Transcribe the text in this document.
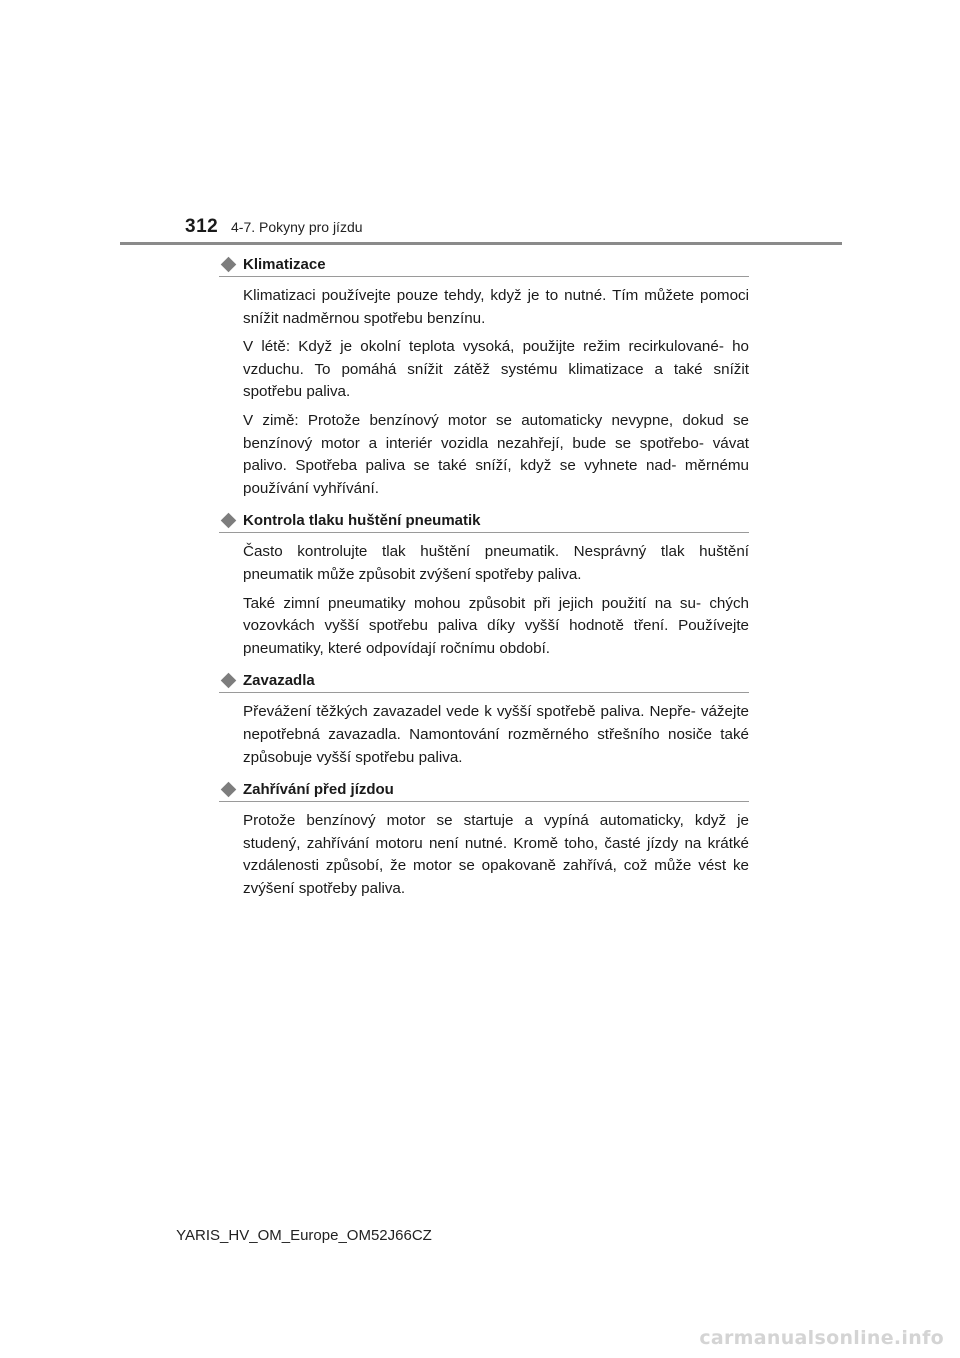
312 4-7. Pokyny pro jízdu
Klimatizace

Klimatizaci používejte pouze tehdy, když je to nutné. Tím můžete pomoci snížit nadměrnou spotřebu benzínu.

V létě: Když je okolní teplota vysoká, použijte režim recirkulované- ho vzduchu. To pomáhá snížit zátěž systému klimatizace a také snížit spotřebu paliva.

V zimě: Protože benzínový motor se automaticky nevypne, dokud se benzínový motor a interiér vozidla nezahřejí, bude se spotřebo- vávat palivo. Spotřeba paliva se také sníží, když se vyhnete nad- měrnému používání vyhřívání.

Kontrola tlaku huštění pneumatik

Často kontrolujte tlak huštění pneumatik. Nesprávný tlak huštění pneumatik může způsobit zvýšení spotřeby paliva.

Také zimní pneumatiky mohou způsobit při jejich použití na su- chých vozovkách vyšší spotřebu paliva díky vyšší hodnotě tření. Používejte pneumatiky, které odpovídají ročnímu období.

Zavazadla

Převážení těžkých zavazadel vede k vyšší spotřebě paliva. Nepře- vážejte nepotřebná zavazadla. Namontování rozměrného střešního nosiče také způsobuje vyšší spotřebu paliva.

Zahřívání před jízdou

Protože benzínový motor se startuje a vypíná automaticky, když je studený, zahřívání motoru není nutné. Kromě toho, časté jízdy na krátké vzdálenosti způsobí, že motor se opakovaně zahřívá, což může vést ke zvýšení spotřeby paliva.

YARIS_HV_OM_Europe_OM52J66CZ
carmanualsonline.info
